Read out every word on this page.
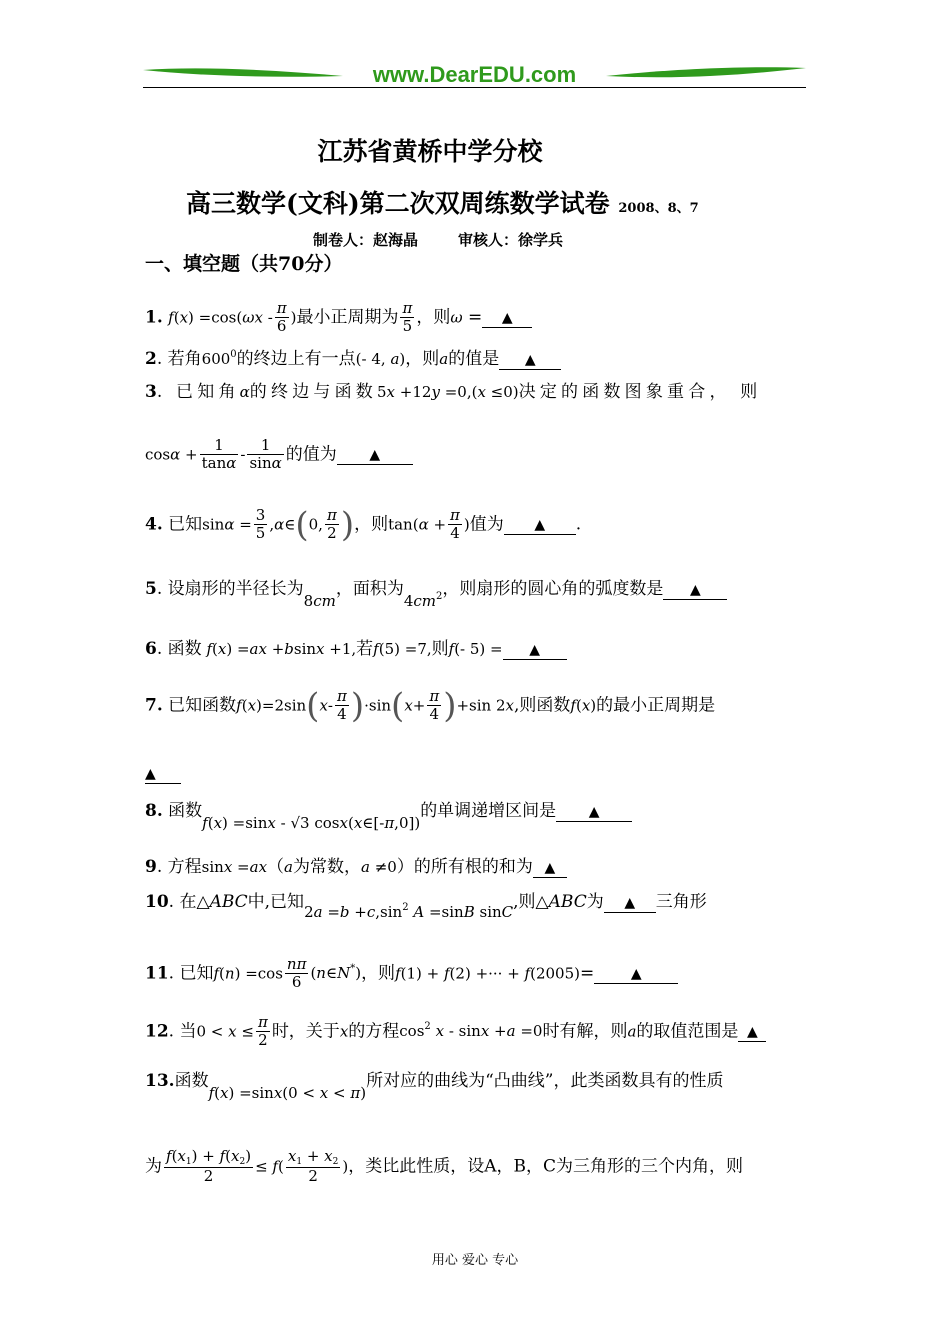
www.DearEDU.com
江苏省黄桥中学分校
高三数学(文科)第二次双周练数学试卷 2008、8、7
制卷人：赵海晶	审核人：徐学兵
一、填空题（共70分）
1. $f(x) =\cos(\omega x - \frac{\pi}{6}$ )最小正周期为 $\frac{\pi}{5}$ ，则ω = ▲
2. 若角$600^0$的终边上有一点(- 4, a)，则a的值是 ▲
3. 已知角α的终边与函数5x +12y =0,(x ≤0)决定的函数图象重合， 则
$\cos\alpha + \frac{1}{\tan\alpha} - \frac{1}{\sin\alpha}$ 的值为 ▲
4. 已知$\sin\alpha = \frac{3}{5}$ ,α∈(0, $\frac{\pi}{2}$ )，则$\tan(\alpha + \frac{\pi}{4}$ )值为 ▲ .
5. 设扇形的半径长为8cm，面积为$4cm^2$，则扇形的圆心角的弧度数是 ▲
6. 函数 f(x) =ax +bsinx +1,若f(5) =7,则f(- 5) = ▲
7. 已知函数$f(x)=2\sin(x- \frac{\pi}{4} )\cdot\sin(x+ \frac{\pi}{4} )+\sin$ 2x,则函数f(x)的最小正周期是
▲
8. 函数f(x) =sinx - √3 cosx(x∈[-π,0])的单调递增区间是 ▲
9. 方程sinx =ax（a为常数，a ≠0）的所有根的和为 ▲
10. 在△ABC中,已知$2a =b +c,\sin^2$ A =sinB sinC,则△ABC为 ▲ 三角形
11. 已知$f(n) =\cos \frac{n\pi}{6}$ (n∈N*)，则f(1) + f(2) +··· + f(2005)=	▲
12. 当$0 < x \le \frac{\pi}{2}$ 时，关于x的方程$\cos^2 x - \sin x +a =0$时有解，则a的取值范围是 ▲
13.函数f(x) =sinx(0 < x < π)所对应的曲线为“凸曲线”，此类函数具有的性质
为 $\frac{f(x_1) + f(x_2)}{2} \le f( \frac{x_1 + x_2}{2}$ )，类比此性质，设A，B，C为三角形的三个内角，则
用心 爱心 专心
